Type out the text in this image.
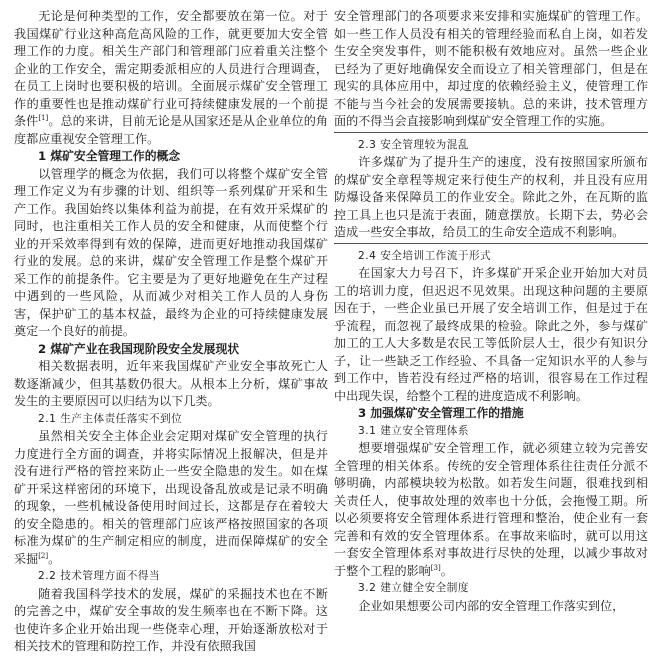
无论是何种类型的工作，安全都要放在第一位。对于我国煤矿行业这种高危高风险的工作，就更要加大安全管理工作的力度。相关生产部门和管理部门应着重关注整个企业的工作安全，需定期委派相应的人员进行合理调查，在员工上岗时也要积极的培训。全面展示煤矿安全管理工作的重要性也是推动煤矿行业可持续健康发展的一个前提条件[1]。总的来讲，目前无论是从国家还是从企业单位的角度都应重视安全管理工作。

1 煤矿安全管理工作的概念

以管理学的概念为依据，我们可以将整个煤矿安全管理工作定义为有步骤的计划、组织等一系列煤矿开采和生产工作。我国始终以集体利益为前提，在有效开采煤矿的同时，也注重相关工作人员的安全和健康，从而使整个行业的开采效率得到有效的保障，进而更好地推动我国煤矿行业的发展。总的来讲，煤矿安全管理工作是整个煤矿开采工作的前提条件。它主要是为了更好地避免在生产过程中遇到的一些风险，从而减少对相关工作人员的人身伤害，保护矿工的基本权益，最终为企业的可持续健康发展奠定一个良好的前提。

2 煤矿产业在我国现阶段安全发展现状

相关数据表明，近年来我国煤矿产业安全事故死亡人数逐渐减少，但其基数仍很大。从根本上分析，煤矿事故发生的主要原因可以归结为以下几类。

2.1 生产主体责任落实不到位

虽然相关安全主体企业会定期对煤矿安全管理的执行力度进行全方面的调查，并将实际情况上报解决，但是并没有进行严格的管控来防止一些安全隐患的发生。如在煤矿开采这样密闭的环境下，出现设备乱放或是记录不明确的现象，一些机械设备使用时间过长，这都是存在着较大的安全隐患的。相关的管理部门应该严格按照国家的各项标准为煤矿的生产制定相应的制度，进而保障煤矿的安全采掘[2]。

2.2 技术管理方面不得当

随着我国科学技术的发展，煤矿的采掘技术也在不断的完善之中，煤矿安全事故的发生频率也在不断下降。这也使许多企业开始出现一些侥幸心理，开始逐渐放松对于相关技术的管理和防控工作，并没有依照我国

安全管理部门的各项要求来安排和实施煤矿的管理工作。如一些工作人员没有相关的管理经验而私自上岗，如若发生安全突发事件，则不能积极有效地应对。虽然一些企业已经为了更好地确保安全而设立了相关管理部门，但是在现实的具体应用中，却过度的依赖经验主义，使管理工作不能与当今社会的发展需要接轨。总的来讲，技术管理方面的不得当会直接影响到煤矿安全管理工作的实施。

2.3 安全管理较为混乱

许多煤矿为了提升生产的速度，没有按照国家所颁布的煤矿安全章程等规定来行使生产的权利，并且没有应用防爆设备来保障员工的作业安全。除此之外，在瓦斯的监控工具上也只是流于表面，随意摆放。长期下去，势必会造成一些安全事故，给员工的生命安全造成不利影响。

2.4 安全培训工作流于形式

在国家大力号召下，许多煤矿开采企业开始加大对员工的培训力度，但迟迟不见效果。出现这种问题的主要原因在于，一些企业虽已开展了安全培训工作，但是过于在乎流程，而忽视了最终成果的检验。除此之外，参与煤矿加工的工人大多数是农民工等低阶层人士，很少有知识分子，让一些缺乏工作经验、不具备一定知识水平的人参与到工作中，皆若没有经过严格的培训，很容易在工作过程中出现失误，给整个工程的进度造成不利影响。

3 加强煤矿安全管理工作的措施

3.1 建立安全管理体系

想要增强煤矿安全管理工作，就必须建立较为完善安全管理的相关体系。传统的安全管理体系往往责任分派不够明确，内部模块较为松散。如若发生问题，很难找到相关责任人，使事故处理的效率也十分低，会拖慢工期。所以必须要将安全管理体系进行管理和整治，使企业有一套完善和有效的安全管理体系。在事故来临时，就可以用这一套安全管理体系对事故进行尽快的处理，以减少事故对于整个工程的影响[3]。

3.2 建立健全安全制度

企业如果想要公司内部的安全管理工作落实到位，
